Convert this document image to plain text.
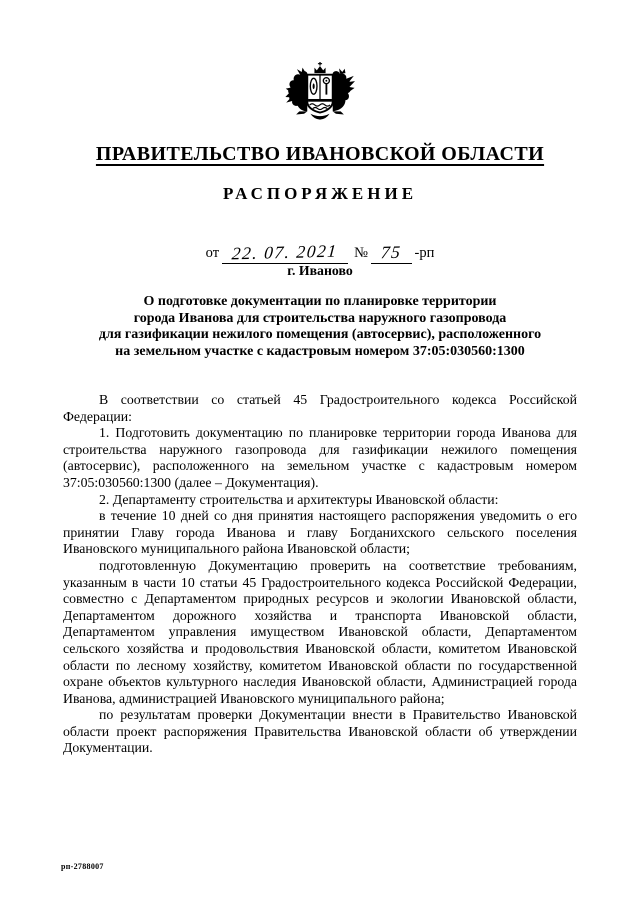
ПРАВИТЕЛЬСТВО ИВАНОВСКОЙ ОБЛАСТИ
РАСПОРЯЖЕНИЕ
от 22. 07. 2021 № 75 -рп
г. Иваново
О подготовке документации по планировке территории
города Иванова для строительства наружного газопровода
для газификации нежилого помещения (автосервис), расположенного
на земельном участке с кадастровым номером 37:05:030560:1300

В соответствии со статьей 45 Градостроительного кодекса Российской Федерации:

1. Подготовить документацию по планировке территории города Иванова для строительства наружного газопровода для газификации нежилого помещения (автосервис), расположенного на земельном участке с кадастровым номером 37:05:030560:1300 (далее – Документация).

2. Департаменту строительства и архитектуры Ивановской области:

в течение 10 дней со дня принятия настоящего распоряжения уведомить о его принятии Главу города Иванова и главу Богданихского сельского поселения Ивановского муниципального района Ивановской области;

подготовленную Документацию проверить на соответствие требованиям, указанным в части 10 статьи 45 Градостроительного кодекса Российской Федерации, совместно с Департаментом природных ресурсов и экологии Ивановской области, Департаментом дорожного хозяйства и транспорта Ивановской области, Департаментом управления имуществом Ивановской области, Департаментом сельского хозяйства и продовольствия Ивановской области, комитетом Ивановской области по лесному хозяйству, комитетом Ивановской области по государственной охране объектов культурного наследия Ивановской области, Администрацией города Иванова, администрацией Ивановского муниципального района;

по результатам проверки Документации внести в Правительство Ивановской области проект распоряжения Правительства Ивановской области об утверждении Документации.

рп-2788007
